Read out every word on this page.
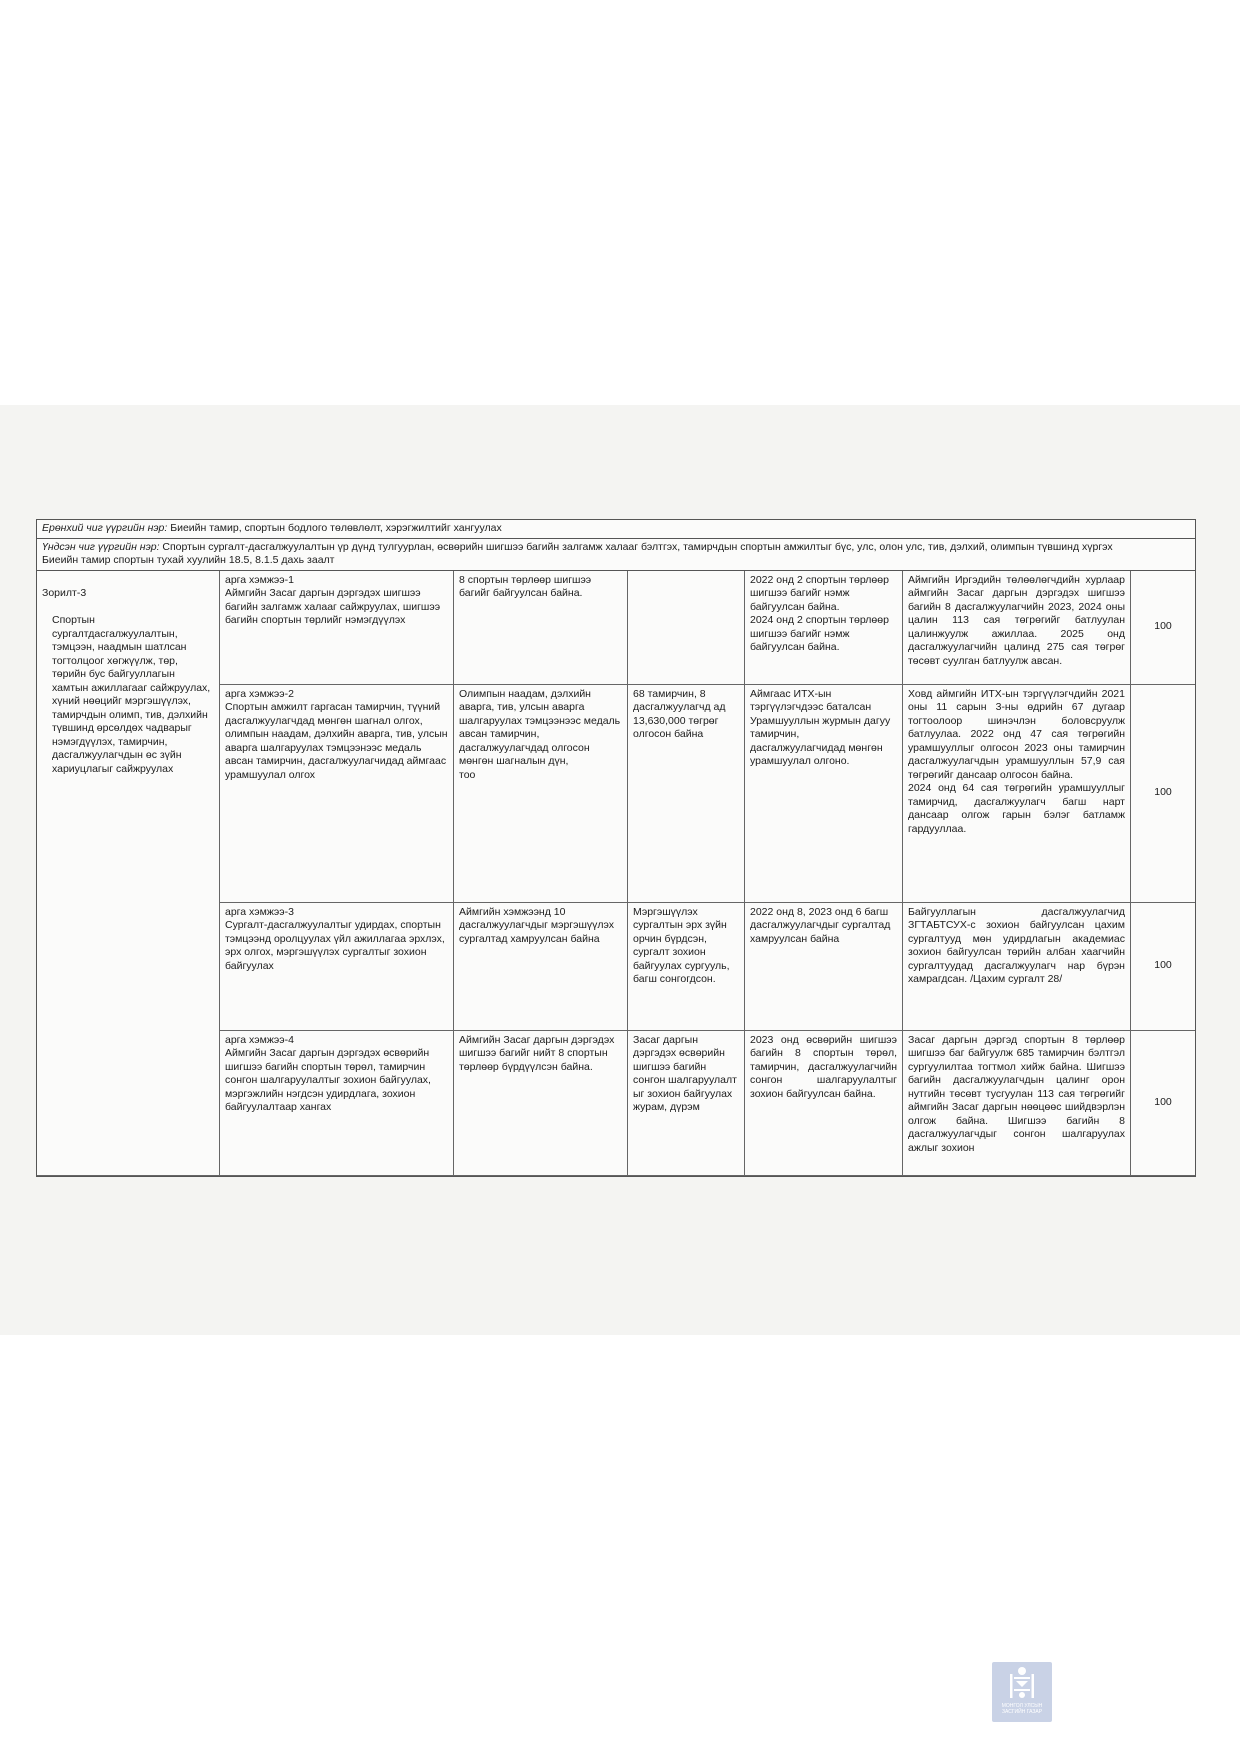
Ерөнхий чиг үүргийн нэр: Биеийн тамир, спортын бодлого төлөвлөлт, хэрэгжилтийг хангуулах
Үндсэн чиг үүргийн нэр: Спортын сургалт-дасгалжуулалтын үр дүнд тулгуурлан, өсвөрийн шигшээ багийн залгамж халааг бэлтгэх, тамирчдын спортын амжилтыг бүс, улс, олон улс, тив, дэлхий, олимпын түвшинд хүргэх
Биеийн тамир спортын тухай хуулийн 18.5, 8.1.5 дахь заалт

Зорилт-3

Спортын сургалтдасгалжуулалтын, тэмцээн, наадмын шатлсан тогтолцоог хөгжүүлж, төр, төрийн бус байгууллагын хамтын ажиллагааг сайжруулах, хүний нөөцийг мэргэшүүлэх, тамирчдын олимп, тив, дэлхийн түвшинд өрсөлдөх чадварыг нэмэгдүүлэх, тамирчин, дасгалжуулагчдын өс зүйн хариуцлагыг сайжруулах

арга хэмжээ-1
Аймгийн Засаг даргын дэргэдэх шигшээ багийн залгамж халааг сайжруулах, шигшээ багийн спортын төрлийг нэмэгдүүлэх
8 спортын төрлөөр шигшээ багийг байгуулсан байна.
2022 онд 2 спортын төрлөөр шигшээ багийг нэмж байгуулсан байна.
2024 онд 2 спортын төрлөөр шигшээ багийг нэмж байгуулсан байна.
Аймгийн Иргэдийн төлөөлөгчдийн хурлаар аймгийн Засаг даргын дэргэдэх шигшээ багийн 8 дасгалжуулагчийн 2023, 2024 оны цалин 113 сая төгрөгийг батлуулан цалинжуулж ажиллаа. 2025 онд дасгалжуулагчийн цалинд 275 сая төгрөг төсөвт суулган батлуулж авсан.
100
арга хэмжээ-2
Спортын амжилт гаргасан тамирчин, түүний дасгалжуулагчдад мөнгөн шагнал олгох, олимпын наадам, дэлхийн аварга, тив, улсын аварга шалгаруулах тэмцээнээс медаль авсан тамирчин, дасгалжуулагчидад аймгаас урамшуулал олгох
Олимпын наадам, дэлхийн аварга, тив, улсын аварга шалгаруулах тэмцээнээс медаль авсан тамирчин, дасгалжуулагчдад олгосон мөнгөн шагналын дүн,
тоо
68 тамирчин, 8 дасгалжуулагчд ад 13,630,000 төгрөг олгосон байна
Аймгаас ИТХ-ын тэргүүлэгчдээс баталсан Урамшууллын журмын дагуу тамирчин, дасгалжуулагчидад мөнгөн урамшуулал олгоно.
Ховд аймгийн ИТХ-ын тэргүүлэгчдийн 2021 оны 11 сарын 3-ны өдрийн 67 дугаар тогтоолоор шинэчлэн боловсруулж батлуулаа. 2022 онд 47 сая төгрөгийн урамшууллыг олгосон 2023 оны тамирчин дасгалжуулагчдын урамшууллын 57,9 сая төгрөгийг дансаар олгосон байна.
2024 онд 64 сая төгрөгийн урамшууллыг тамирчид, дасгалжуулагч багш нарт дансаар олгож гарын бэлэг батламж гардууллаа.
100
арга хэмжээ-3
Сургалт-дасгалжуулалтыг удирдах, спортын тэмцээнд оролцуулах үйл ажиллагаа эрхлэх, эрх олгох, мэргэшүүлэх сургалтыг зохион байгуулах
Аймгийн хэмжээнд 10 дасгалжуулагчдыг мэргэшүүлэх сургалтад хамруулсан байна
Мэргэшүүлэх сургалтын эрх зүйн орчин бүрдсэн, сургалт зохион байгуулах сургууль, багш сонгогдсон.
2022 онд 8, 2023 онд 6 багш дасгалжуулагчдыг сургалтад хамруулсан байна
Байгууллагын дасгалжуулагчид ЗГТАБТСУХ-с зохион байгуулсан цахим сургалтууд мөн удирдлагын академиас зохион байгуулсан төрийн албан хаагчийн сургалтуудад дасгалжуулагч нар бүрэн хамрагдсан. /Цахим сургалт 28/
100
арга хэмжээ-4
Аймгийн Засаг даргын дэргэдэх өсвөрийн шигшээ багийн спортын төрөл, тамирчин сонгон шалгаруулалтыг зохион байгуулах, мэргэжлийн нэгдсэн удирдлага, зохион байгуулалтаар хангах
Аймгийн Засаг даргын дэргэдэх шигшээ багийг нийт 8 спортын төрлөөр бүрдүүлсэн байна.
Засаг даргын дэргэдэх өсвөрийн шигшээ багийн сонгон шалгаруулалт ыг зохион байгуулах журам, дүрэм
2023 онд өсвөрийн шигшээ багийн 8 спортын төрөл, тамирчин, дасгалжуулагчийн сонгон шалгаруулалтыг зохион байгуулсан байна.
Засаг даргын дэргэд спортын 8 төрлөөр шигшээ баг байгуулж 685 тамирчин бэлтгэл сургуулилтаа тогтмол хийж байна. Шигшээ багийн дасгалжуулагчдын цалинг орон нутгийн төсөвт тусгуулан 113 сая төгрөгийг аймгийн Засаг даргын нөөцөөс шийдвэрлэн олгож байна. Шигшээ багийн 8 дасгалжуулагчдыг сонгон шалгаруулах ажлыг зохион
100
МОНГОЛ УЛСЫН
ЗАСГИЙН ГАЗАР
